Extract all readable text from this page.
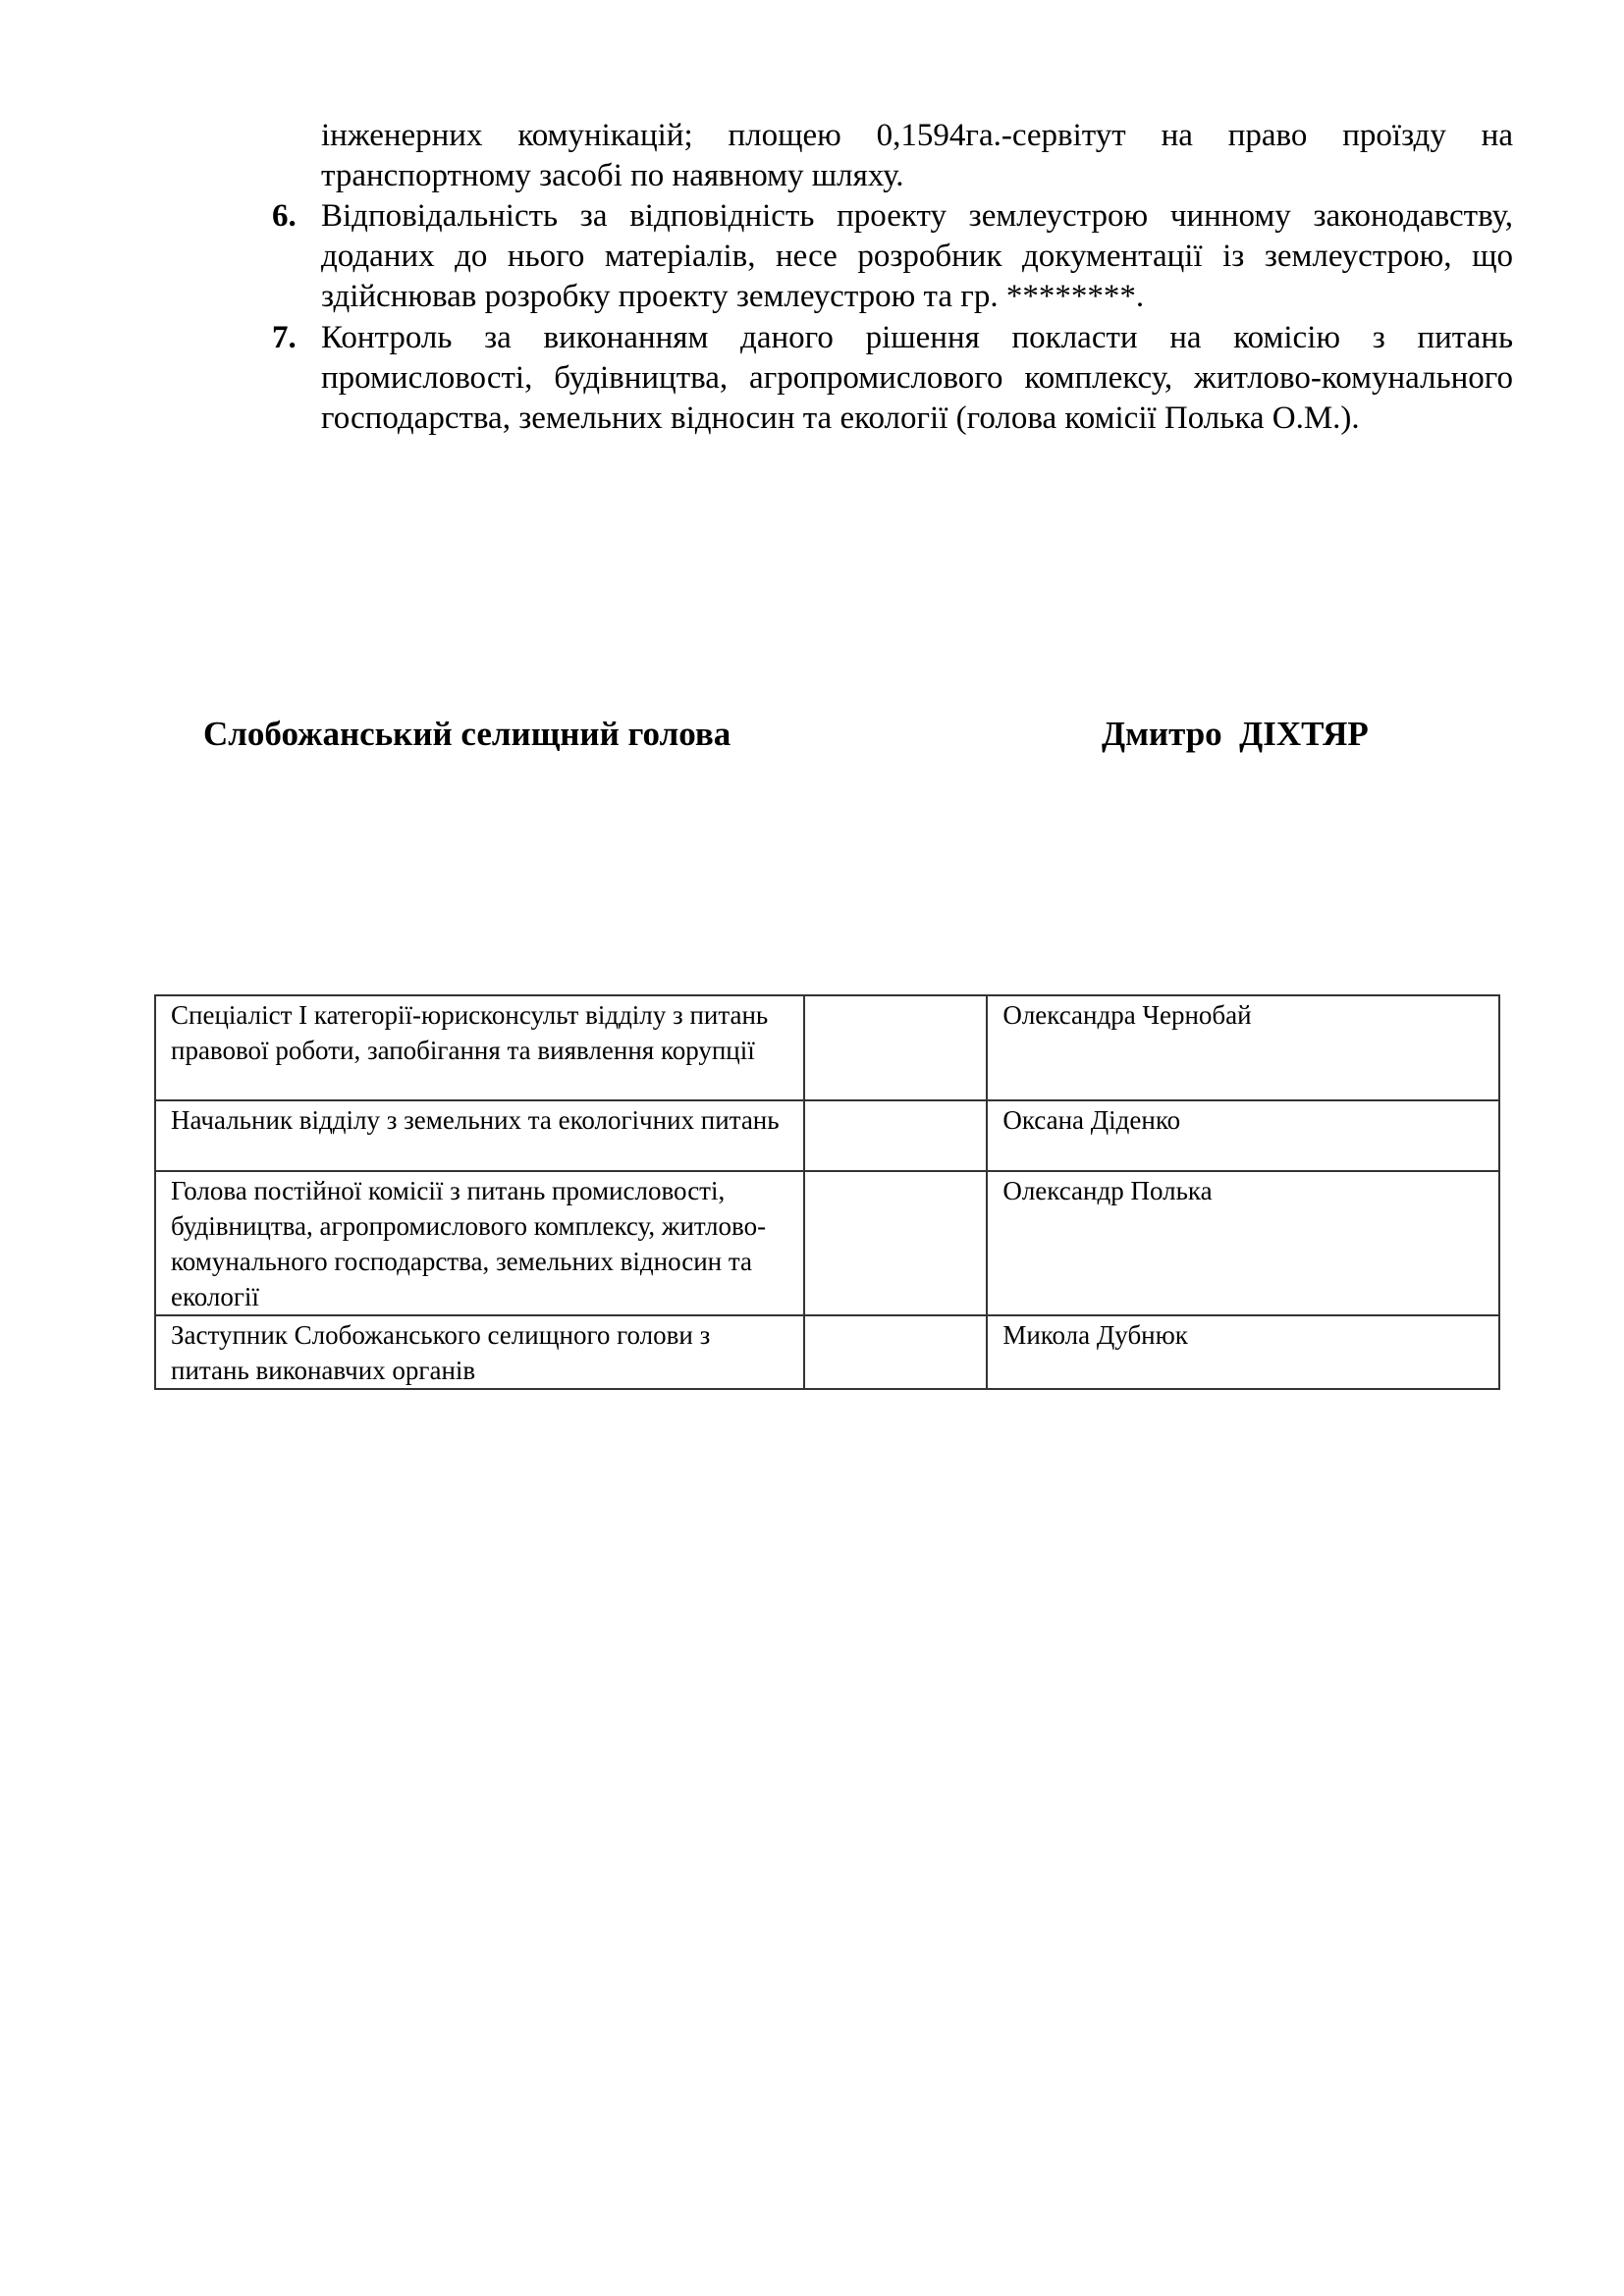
інженерних комунікацій; площею 0,1594га.-сервітут на право проїзду на транспортному засобі по наявному шляху.

6. Відповідальність за відповідність проекту землеустрою чинному законодавству, доданих до нього матеріалів, несе розробник документації із землеустрою, що здійснював розробку проекту землеустрою та гр. ********.
7. Контроль за виконанням даного рішення покласти на комісію з питань промисловості, будівництва, агропромислового комплексу, житлово-комунального господарства, земельних відносин та екології (голова комісії Полька О.М.).
Слобожанський селищний голова	Дмитро  ДІХТЯР
Спеціаліст І категорії-юрисконсульт відділу з питань правової роботи, запобігання та виявлення корупції		Олександра Чернобай
Начальник відділу з земельних та екологічних питань		Оксана Діденко
Голова постійної комісії з питань промисловості, будівництва, агропромислового комплексу, житлово-комунального господарства, земельних відносин та екології		Олександр Полька
Заступник Слобожанського селищного голови з питань виконавчих органів		Микола Дубнюк
